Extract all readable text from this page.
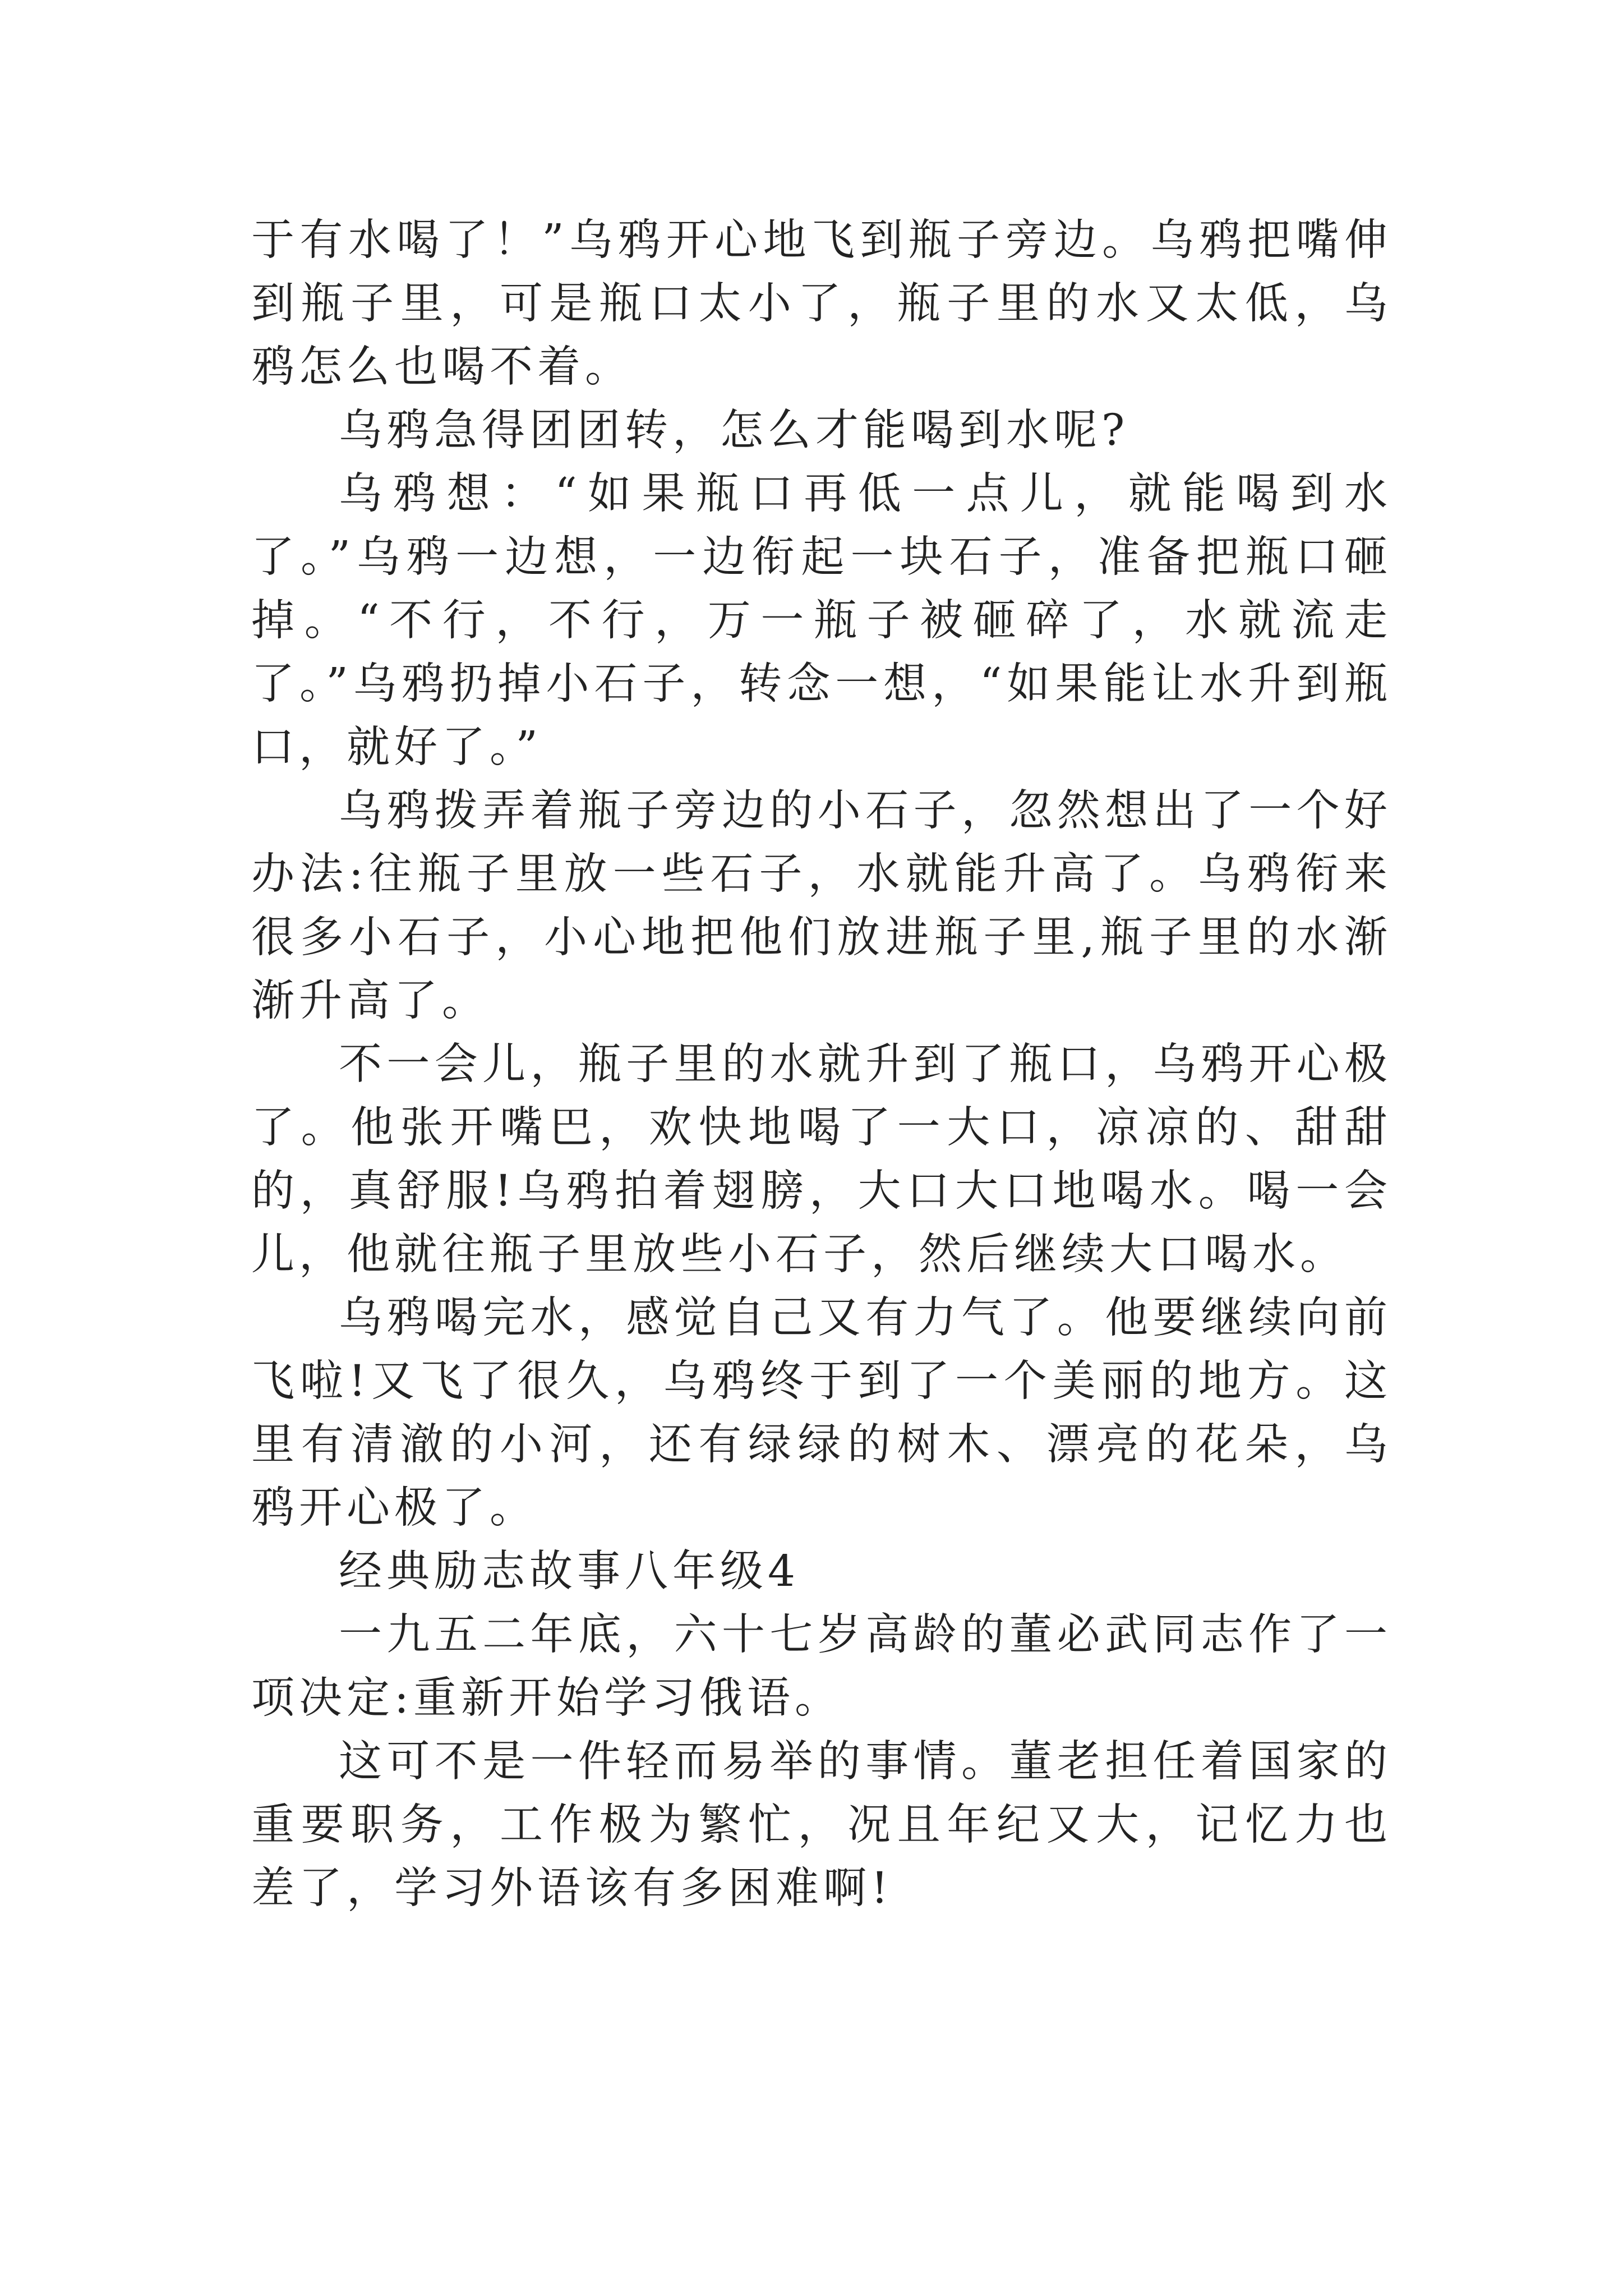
于有水喝了！”乌鸦开心地飞到瓶子旁边。乌鸦把嘴伸到瓶子里，可是瓶口太小了，瓶子里的水又太低，乌鸦怎么也喝不着。

乌鸦急得团团转，怎么才能喝到水呢?

乌鸦想：“如果瓶口再低一点儿，就能喝到水了。”乌鸦一边想，一边衔起一块石子，准备把瓶口砸掉。“不行，不行，万一瓶子被砸碎了，水就流走了。”乌鸦扔掉小石子，转念一想，“如果能让水升到瓶口，就好了。”

乌鸦拨弄着瓶子旁边的小石子，忽然想出了一个好办法:往瓶子里放一些石子，水就能升高了。乌鸦衔来很多小石子，小心地把他们放进瓶子里,瓶子里的水渐渐升高了。

不一会儿，瓶子里的水就升到了瓶口，乌鸦开心极了。他张开嘴巴，欢快地喝了一大口，凉凉的、甜甜的，真舒服!乌鸦拍着翅膀，大口大口地喝水。喝一会儿，他就往瓶子里放些小石子，然后继续大口喝水。

乌鸦喝完水，感觉自己又有力气了。他要继续向前飞啦!又飞了很久，乌鸦终于到了一个美丽的地方。这里有清澈的小河，还有绿绿的树木、漂亮的花朵，乌鸦开心极了。

经典励志故事八年级4

一九五二年底，六十七岁高龄的董必武同志作了一项决定:重新开始学习俄语。

这可不是一件轻而易举的事情。董老担任着国家的重要职务，工作极为繁忙，况且年纪又大，记忆力也差了，学习外语该有多困难啊!
